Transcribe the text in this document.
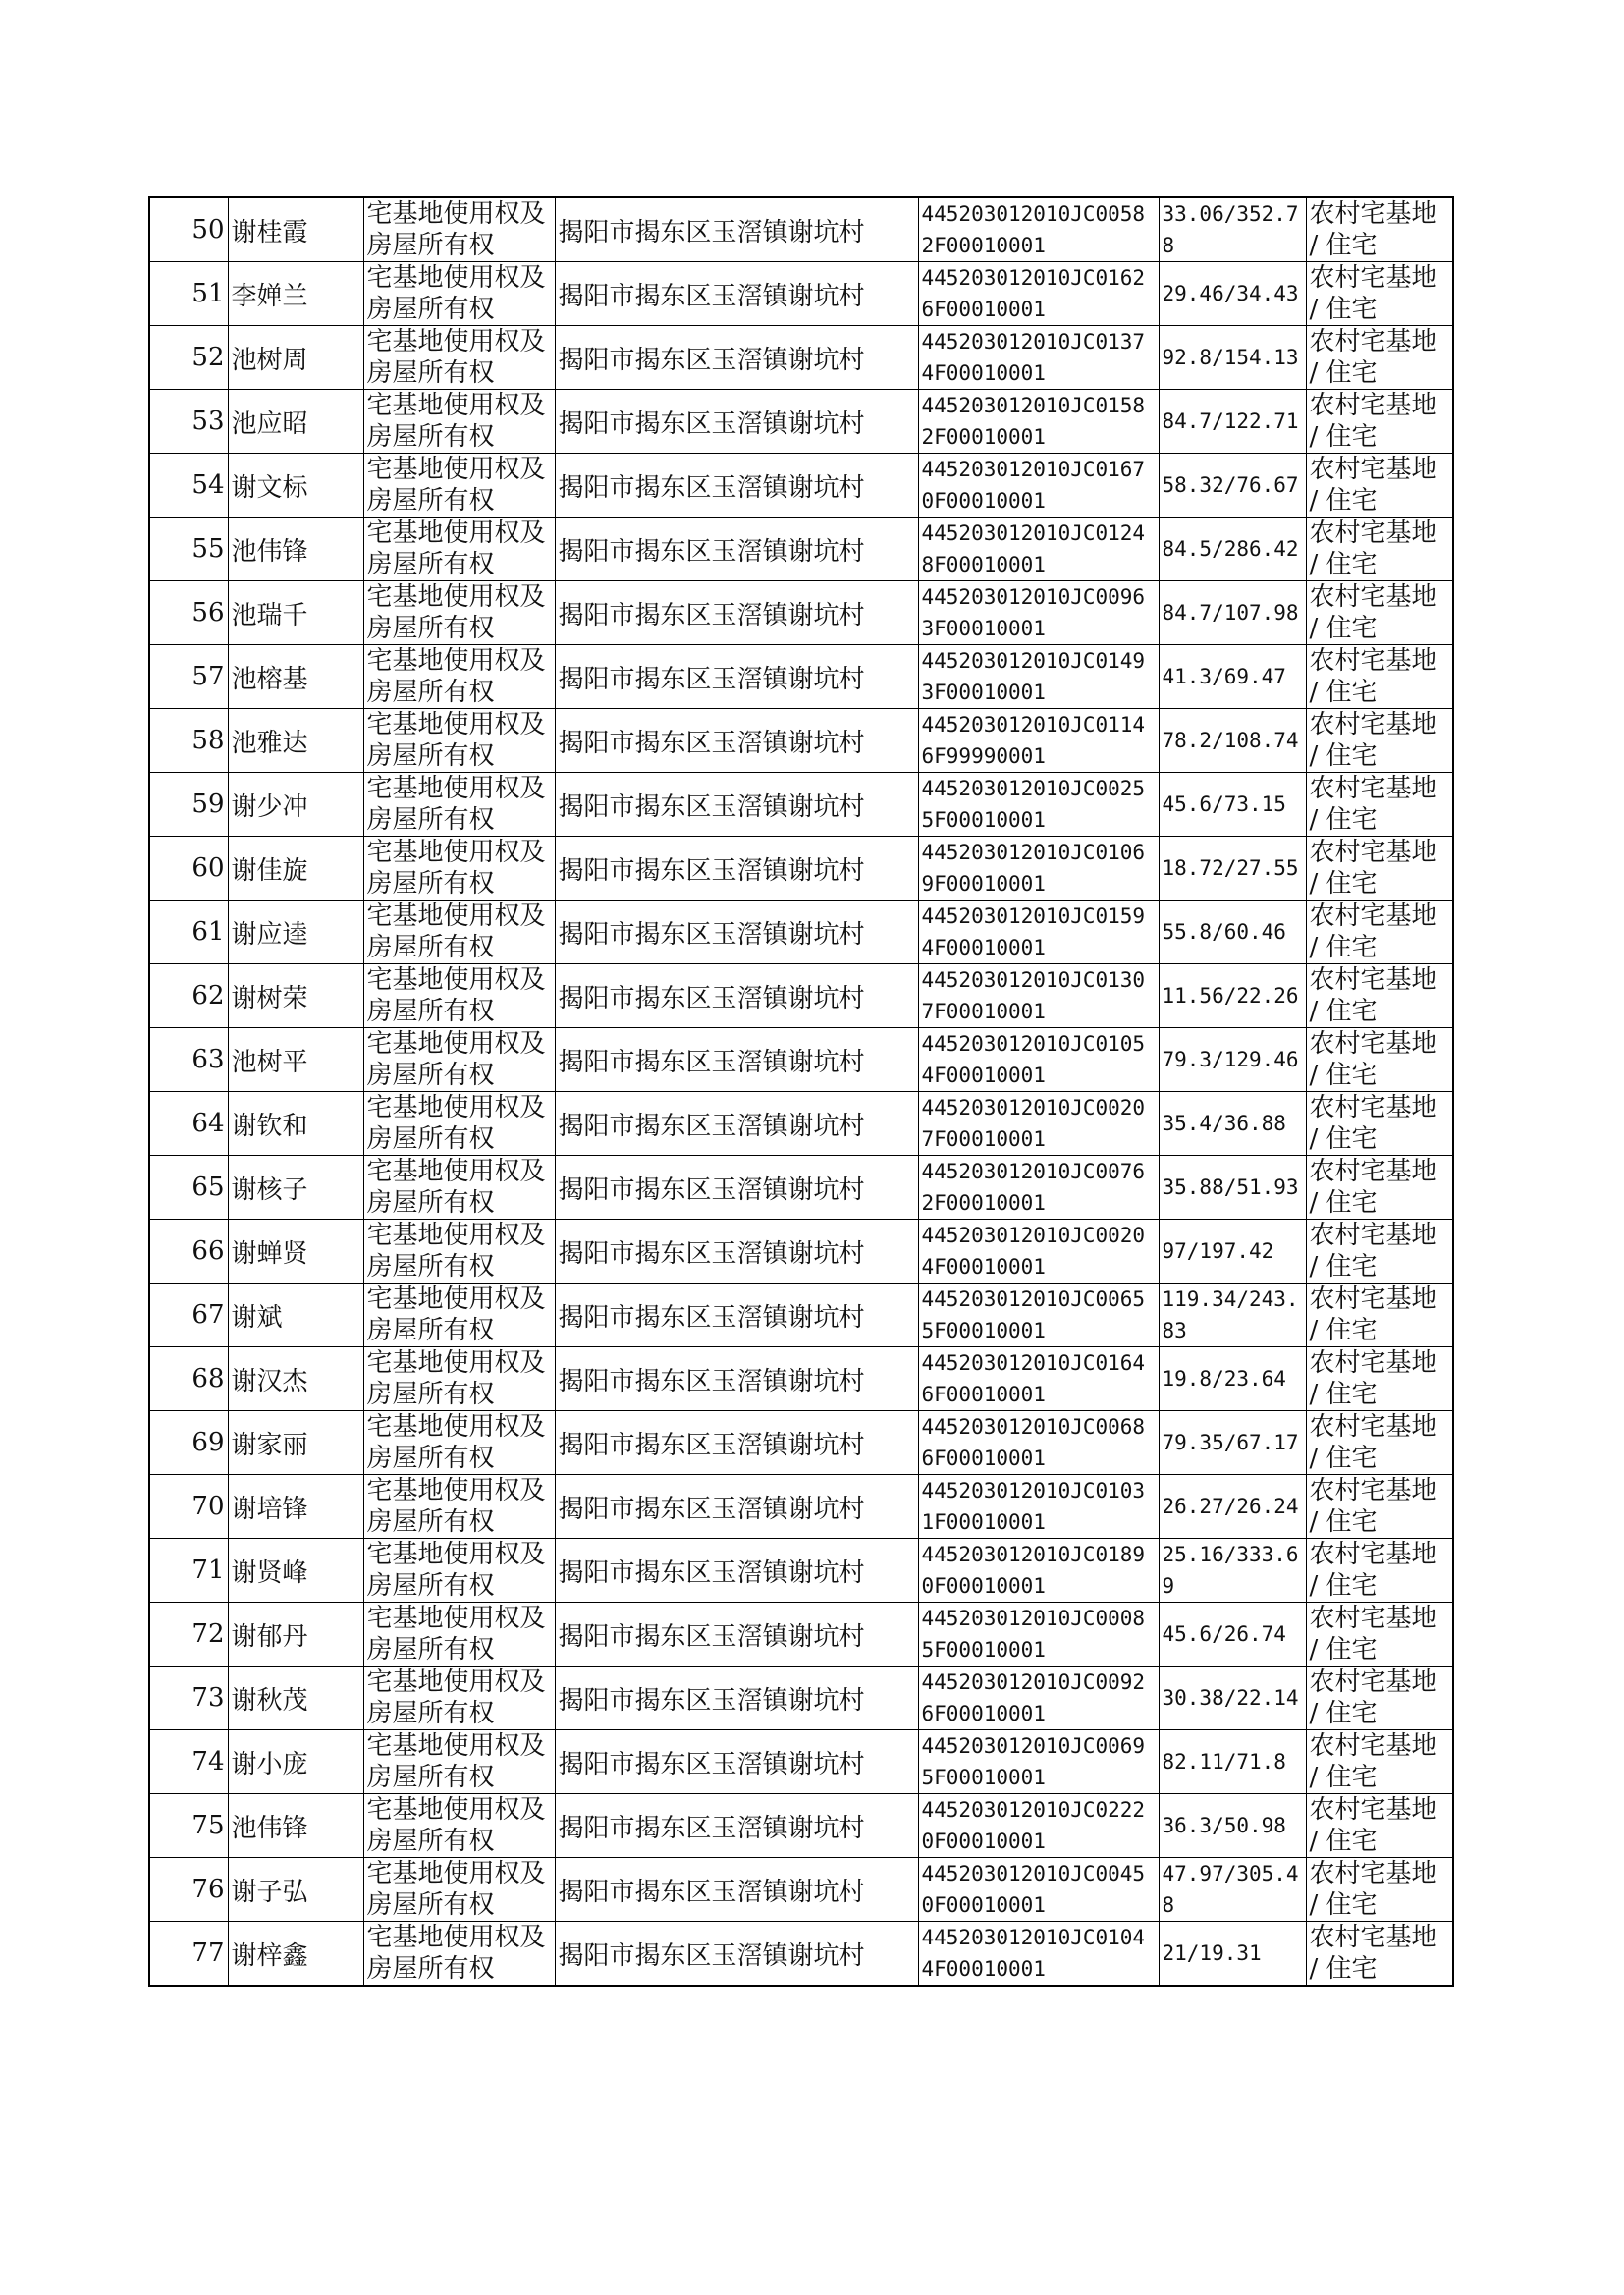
50	谢桂霞	宅基地使用权及房屋所有权	揭阳市揭东区玉滘镇谢坑村	445203012010JC00582F00010001	33.06/352.78	农村宅基地 / 住宅
51	李婵兰	宅基地使用权及房屋所有权	揭阳市揭东区玉滘镇谢坑村	445203012010JC01626F00010001	29.46/34.43	农村宅基地 / 住宅
52	池树周	宅基地使用权及房屋所有权	揭阳市揭东区玉滘镇谢坑村	445203012010JC01374F00010001	92.8/154.13	农村宅基地 / 住宅
53	池应昭	宅基地使用权及房屋所有权	揭阳市揭东区玉滘镇谢坑村	445203012010JC01582F00010001	84.7/122.71	农村宅基地 / 住宅
54	谢文标	宅基地使用权及房屋所有权	揭阳市揭东区玉滘镇谢坑村	445203012010JC01670F00010001	58.32/76.67	农村宅基地 / 住宅
55	池伟锋	宅基地使用权及房屋所有权	揭阳市揭东区玉滘镇谢坑村	445203012010JC01248F00010001	84.5/286.42	农村宅基地 / 住宅
56	池瑞千	宅基地使用权及房屋所有权	揭阳市揭东区玉滘镇谢坑村	445203012010JC00963F00010001	84.7/107.98	农村宅基地 / 住宅
57	池榕基	宅基地使用权及房屋所有权	揭阳市揭东区玉滘镇谢坑村	445203012010JC01493F00010001	41.3/69.47	农村宅基地 / 住宅
58	池雅达	宅基地使用权及房屋所有权	揭阳市揭东区玉滘镇谢坑村	445203012010JC01146F99990001	78.2/108.74	农村宅基地 / 住宅
59	谢少冲	宅基地使用权及房屋所有权	揭阳市揭东区玉滘镇谢坑村	445203012010JC00255F00010001	45.6/73.15	农村宅基地 / 住宅
60	谢佳旋	宅基地使用权及房屋所有权	揭阳市揭东区玉滘镇谢坑村	445203012010JC01069F00010001	18.72/27.55	农村宅基地 / 住宅
61	谢应逵	宅基地使用权及房屋所有权	揭阳市揭东区玉滘镇谢坑村	445203012010JC01594F00010001	55.8/60.46	农村宅基地 / 住宅
62	谢树荣	宅基地使用权及房屋所有权	揭阳市揭东区玉滘镇谢坑村	445203012010JC01307F00010001	11.56/22.26	农村宅基地 / 住宅
63	池树平	宅基地使用权及房屋所有权	揭阳市揭东区玉滘镇谢坑村	445203012010JC01054F00010001	79.3/129.46	农村宅基地 / 住宅
64	谢钦和	宅基地使用权及房屋所有权	揭阳市揭东区玉滘镇谢坑村	445203012010JC00207F00010001	35.4/36.88	农村宅基地 / 住宅
65	谢核子	宅基地使用权及房屋所有权	揭阳市揭东区玉滘镇谢坑村	445203012010JC00762F00010001	35.88/51.93	农村宅基地 / 住宅
66	谢蝉贤	宅基地使用权及房屋所有权	揭阳市揭东区玉滘镇谢坑村	445203012010JC00204F00010001	97/197.42	农村宅基地 / 住宅
67	谢斌	宅基地使用权及房屋所有权	揭阳市揭东区玉滘镇谢坑村	445203012010JC00655F00010001	119.34/243.83	农村宅基地 / 住宅
68	谢汉杰	宅基地使用权及房屋所有权	揭阳市揭东区玉滘镇谢坑村	445203012010JC01646F00010001	19.8/23.64	农村宅基地 / 住宅
69	谢家丽	宅基地使用权及房屋所有权	揭阳市揭东区玉滘镇谢坑村	445203012010JC00686F00010001	79.35/67.17	农村宅基地 / 住宅
70	谢培锋	宅基地使用权及房屋所有权	揭阳市揭东区玉滘镇谢坑村	445203012010JC01031F00010001	26.27/26.24	农村宅基地 / 住宅
71	谢贤峰	宅基地使用权及房屋所有权	揭阳市揭东区玉滘镇谢坑村	445203012010JC01890F00010001	25.16/333.69	农村宅基地 / 住宅
72	谢郁丹	宅基地使用权及房屋所有权	揭阳市揭东区玉滘镇谢坑村	445203012010JC00085F00010001	45.6/26.74	农村宅基地 / 住宅
73	谢秋茂	宅基地使用权及房屋所有权	揭阳市揭东区玉滘镇谢坑村	445203012010JC00926F00010001	30.38/22.14	农村宅基地 / 住宅
74	谢小庞	宅基地使用权及房屋所有权	揭阳市揭东区玉滘镇谢坑村	445203012010JC00695F00010001	82.11/71.8	农村宅基地 / 住宅
75	池伟锋	宅基地使用权及房屋所有权	揭阳市揭东区玉滘镇谢坑村	445203012010JC02220F00010001	36.3/50.98	农村宅基地 / 住宅
76	谢子弘	宅基地使用权及房屋所有权	揭阳市揭东区玉滘镇谢坑村	445203012010JC00450F00010001	47.97/305.48	农村宅基地 / 住宅
77	谢梓鑫	宅基地使用权及房屋所有权	揭阳市揭东区玉滘镇谢坑村	445203012010JC01044F00010001	21/19.31	农村宅基地 / 住宅
